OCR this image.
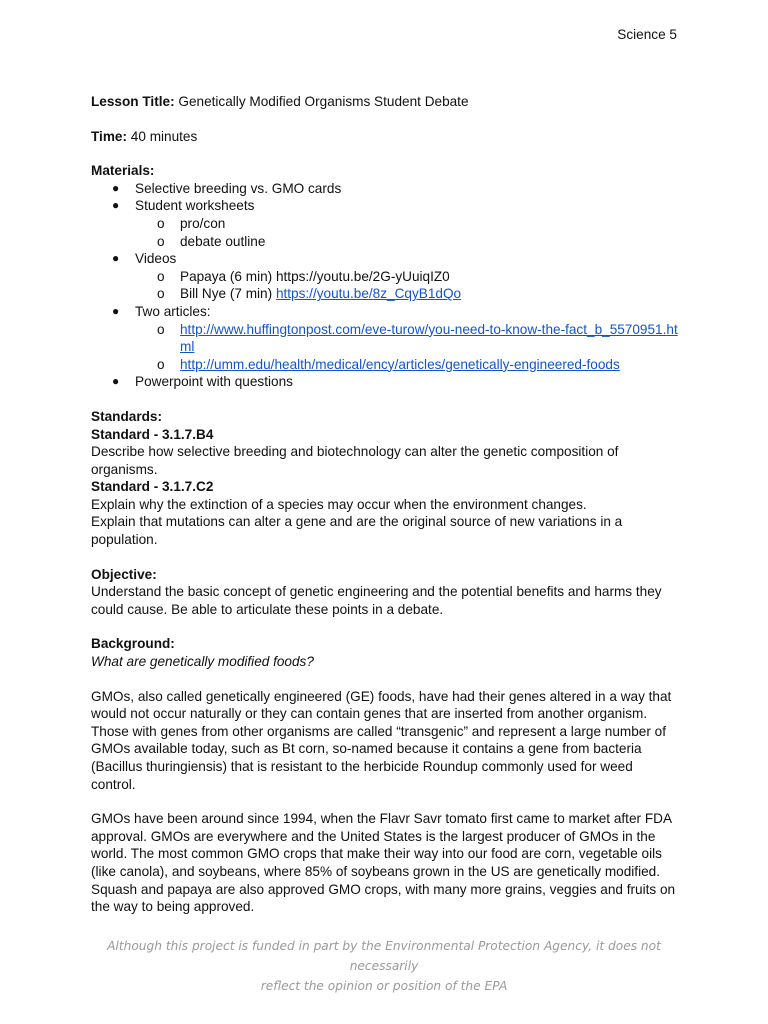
Science 5

Lesson Title: Genetically Modified Organisms Student Debate

Time: 40 minutes

Materials:

● Selective breeding vs. GMO cards
● Student worksheets
o pro/con
o debate outline
● Videos
o Papaya (6 min) https://youtu.be/2G-yUuiqIZ0
o Bill Nye (7 min) https://youtu.be/8z_CqyB1dQo
● Two articles:
o http://www.huffingtonpost.com/eve-turow/you-need-to-know-the-fact_b_5570951.html
o http://umm.edu/health/medical/ency/articles/genetically-engineered-foods
● Powerpoint with questions

Standards:

Standard - 3.1.7.B4

Describe how selective breeding and biotechnology can alter the genetic composition of organisms.

Standard - 3.1.7.C2

Explain why the extinction of a species may occur when the environment changes.

Explain that mutations can alter a gene and are the original source of new variations in a population.

Objective:

Understand the basic concept of genetic engineering and the potential benefits and harms they could cause. Be able to articulate these points in a debate.

Background:

What are genetically modified foods?

GMOs, also called genetically engineered (GE) foods, have had their genes altered in a way that would not occur naturally or they can contain genes that are inserted from another organism. Those with genes from other organisms are called “transgenic” and represent a large number of GMOs available today, such as Bt corn, so-named because it contains a gene from bacteria (Bacillus thuringiensis) that is resistant to the herbicide Roundup commonly used for weed control.

GMOs have been around since 1994, when the Flavr Savr tomato first came to market after FDA approval. GMOs are everywhere and the United States is the largest producer of GMOs in the world. The most common GMO crops that make their way into our food are corn, vegetable oils (like canola), and soybeans, where 85% of soybeans grown in the US are genetically modified. Squash and papaya are also approved GMO crops, with many more grains, veggies and fruits on the way to being approved.

Although this project is funded in part by the Environmental Protection Agency, it does not necessarily
reflect the opinion or position of the EPA
